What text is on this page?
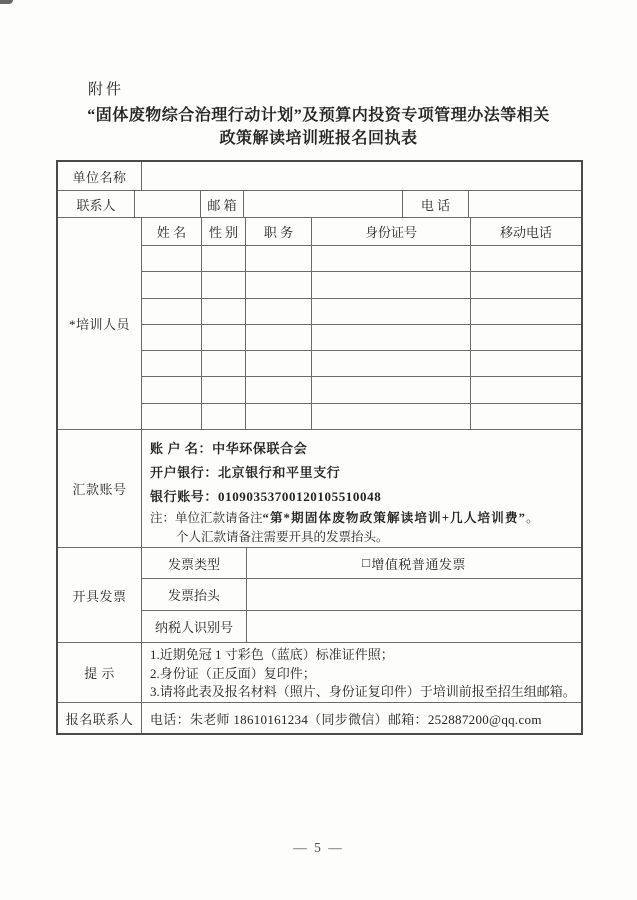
附件
“固体废物综合治理行动计划”及预算内投资专项管理办法等相关
政策解读培训班报名回执表
单位名称
联系人	邮 箱	电 话
*培训人员
姓 名	性 别	职 务	身份证号	移动电话
汇款账号
账 户 名：中华环保联合会
开户银行：北京银行和平里支行
银行账号：01090353700120105510048
注：单位汇款请备注“第*期固体废物政策解读培训+几人培训费”。
个人汇款请备注需要开具的发票抬头。
开具发票
发票类型	□ 增值税普通发票
发票抬头
纳税人识别号
提 示
1.近期免冠 1 寸彩色（蓝底）标准证件照；
2.身份证（正反面）复印件；
3.请将此表及报名材料（照片、身份证复印件）于培训前报至招生组邮箱。
报名联系人	电话：朱老师 18610161234（同步微信）邮箱：252887200@qq.com
— 5 —
